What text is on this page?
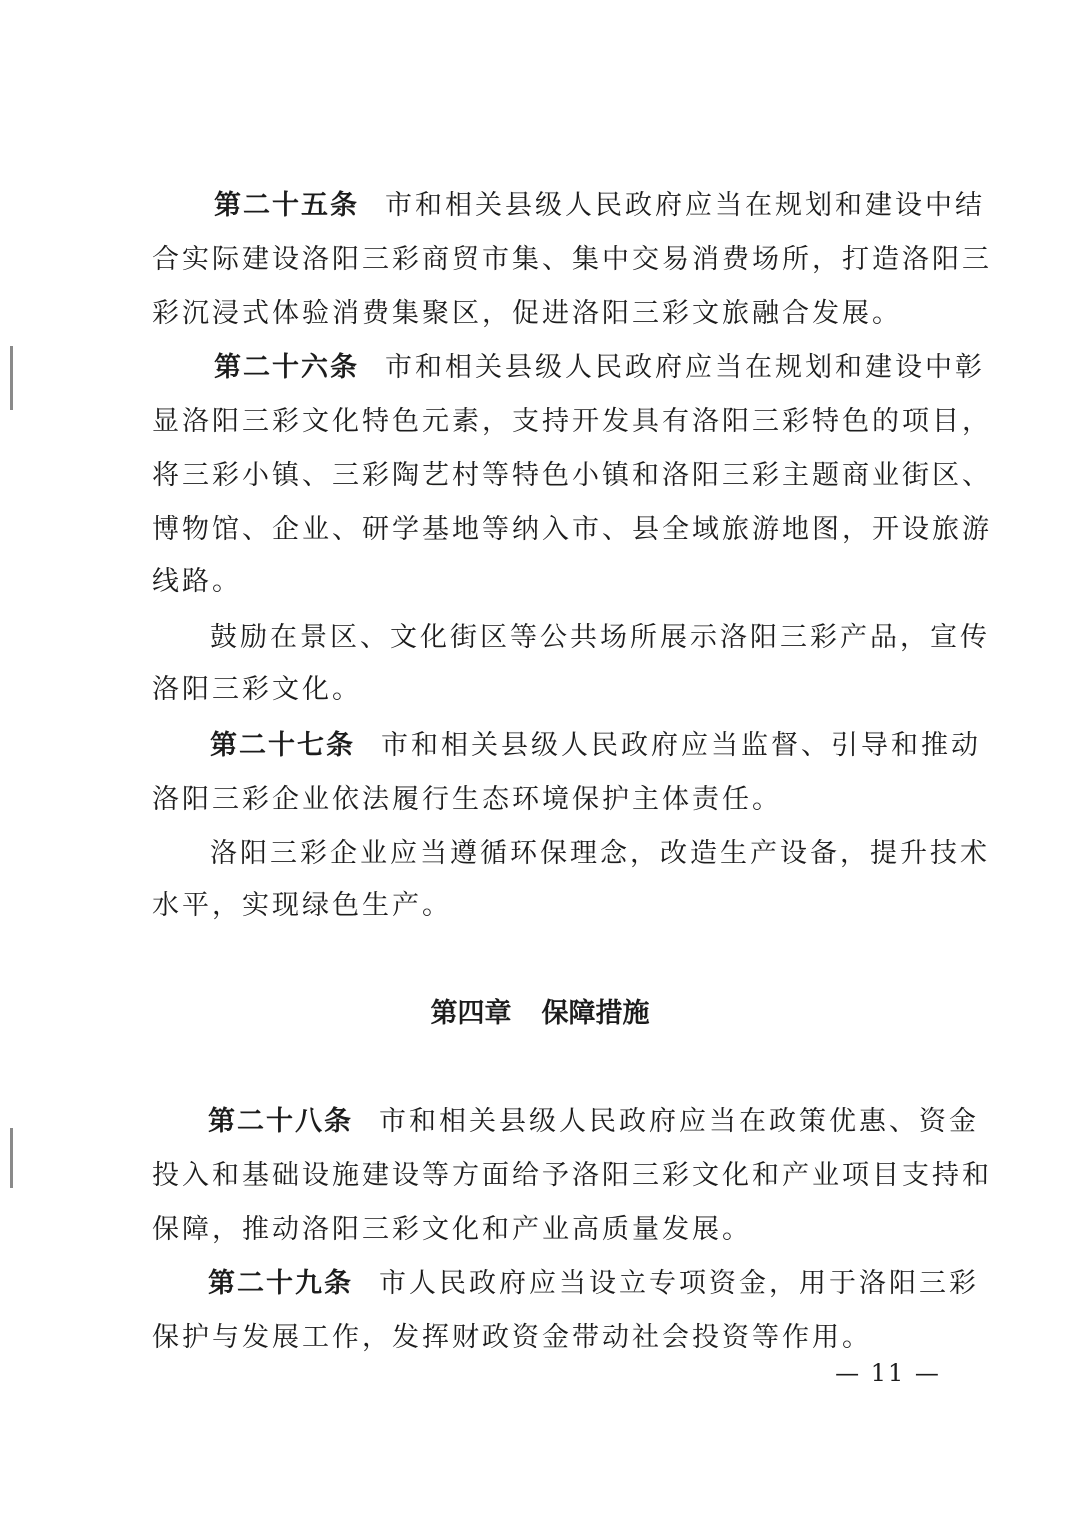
第二十五条 市和相关县级人民政府应当在规划和建设中结
合实际建设洛阳三彩商贸市集、集中交易消费场所，打造洛阳三
彩沉浸式体验消费集聚区，促进洛阳三彩文旅融合发展。
第二十六条 市和相关县级人民政府应当在规划和建设中彰
显洛阳三彩文化特色元素，支持开发具有洛阳三彩特色的项目，
将三彩小镇、三彩陶艺村等特色小镇和洛阳三彩主题商业街区、
博物馆、企业、研学基地等纳入市、县全域旅游地图，开设旅游
线路。
鼓励在景区、文化街区等公共场所展示洛阳三彩产品，宣传
洛阳三彩文化。
第二十七条 市和相关县级人民政府应当监督、引导和推动
洛阳三彩企业依法履行生态环境保护主体责任。
洛阳三彩企业应当遵循环保理念，改造生产设备，提升技术
水平，实现绿色生产。
第四章 保障措施
第二十八条 市和相关县级人民政府应当在政策优惠、资金
投入和基础设施建设等方面给予洛阳三彩文化和产业项目支持和
保障，推动洛阳三彩文化和产业高质量发展。
第二十九条 市人民政府应当设立专项资金，用于洛阳三彩
保护与发展工作，发挥财政资金带动社会投资等作用。
— 11 —
